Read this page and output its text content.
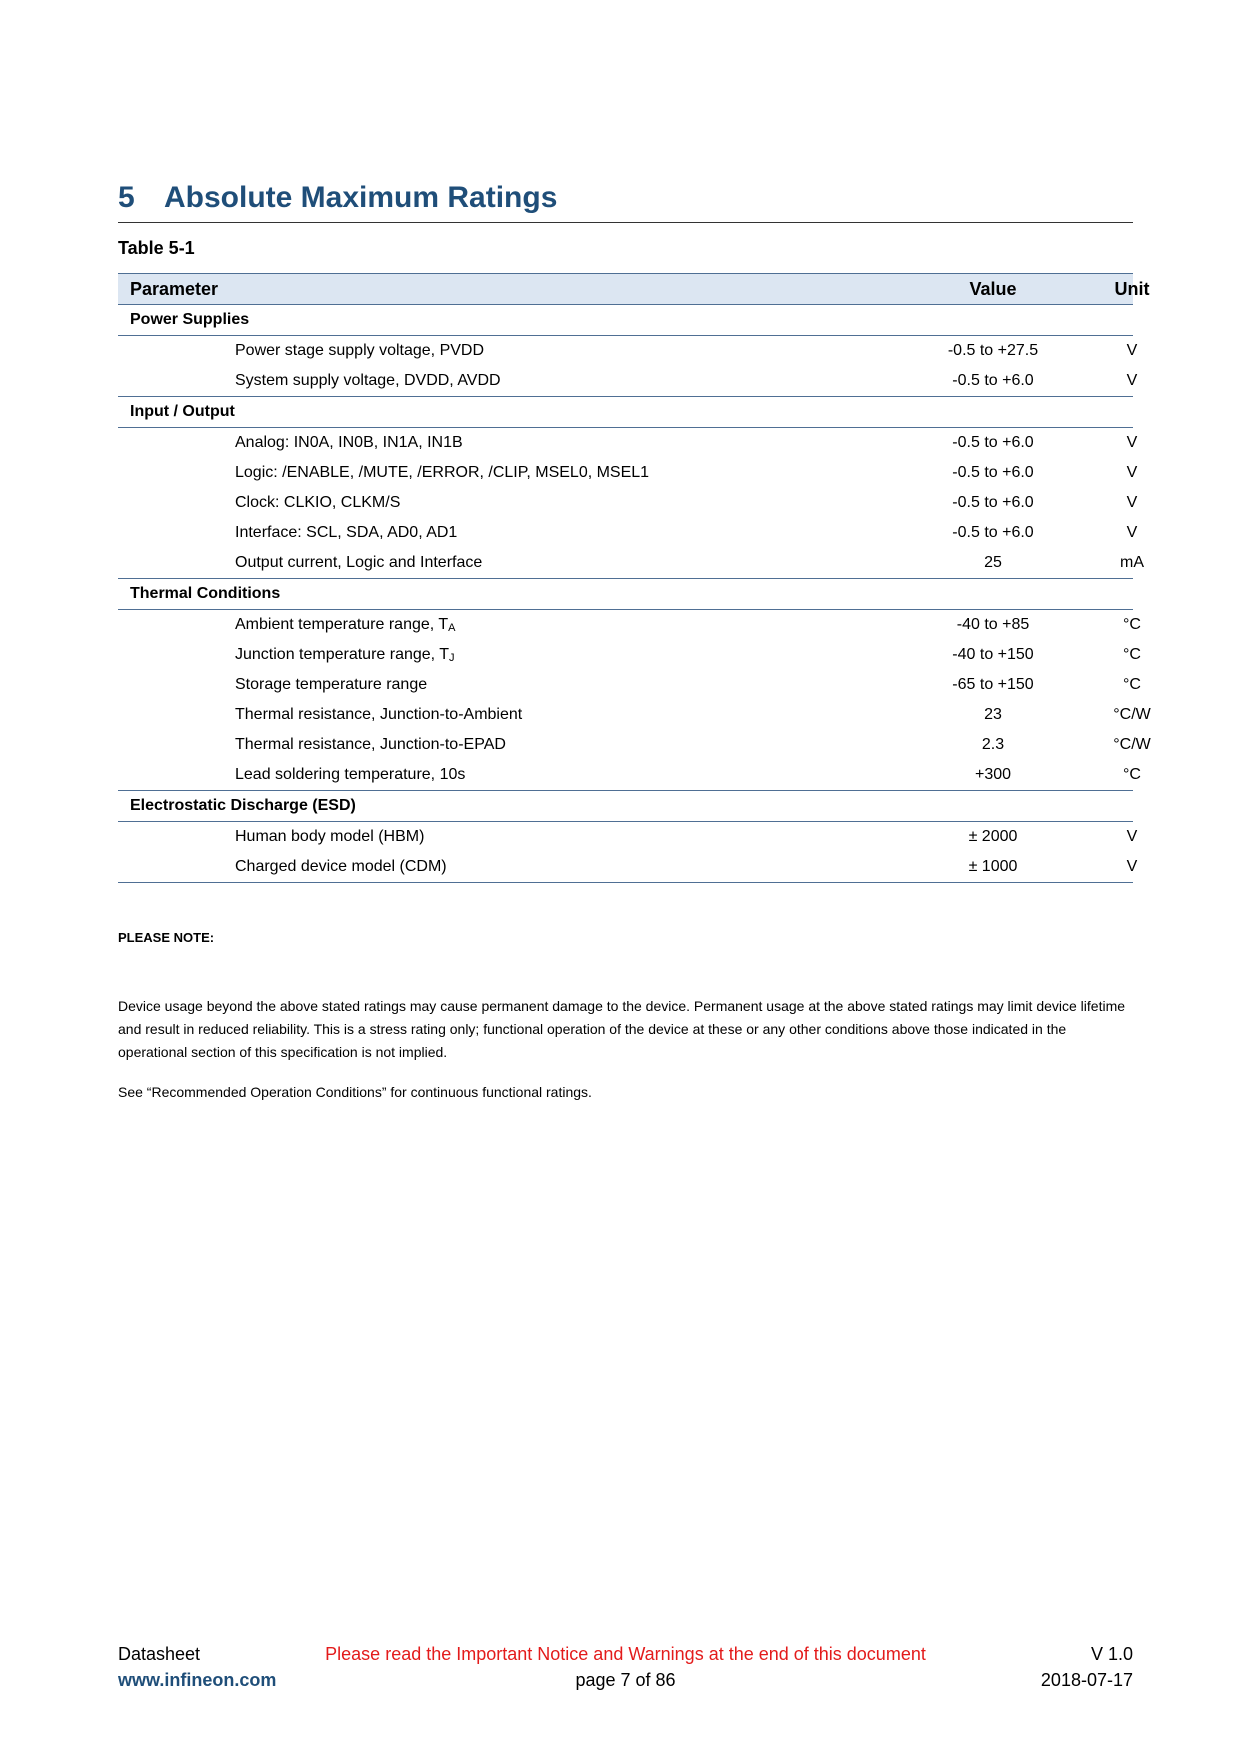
5 Absolute Maximum Ratings
Table 5-1
Parameter	Value	Unit
Power Supplies
Power stage supply voltage, PVDD	-0.5 to +27.5	V
System supply voltage, DVDD, AVDD	-0.5 to +6.0	V
Input / Output
Analog: IN0A, IN0B, IN1A, IN1B	-0.5 to +6.0	V
Logic: /ENABLE, /MUTE, /ERROR, /CLIP, MSEL0, MSEL1	-0.5 to +6.0	V
Clock: CLKIO, CLKM/S	-0.5 to +6.0	V
Interface: SCL, SDA, AD0, AD1	-0.5 to +6.0	V
Output current, Logic and Interface	25	mA
Thermal Conditions
Ambient temperature range, $T_A$	-40 to +85	°C
Junction temperature range, $T_J$	-40 to +150	°C
Storage temperature range	-65 to +150	°C
Thermal resistance, Junction-to-Ambient	23	°C/W
Thermal resistance, Junction-to-EPAD	2.3	°C/W
Lead soldering temperature, 10s	+300	°C
Electrostatic Discharge (ESD)
Human body model (HBM)	± 2000	V
Charged device model (CDM)	± 1000	V
PLEASE NOTE:

Device usage beyond the above stated ratings may cause permanent damage to the device. Permanent usage at the above stated ratings may limit device lifetime and result in reduced reliability. This is a stress rating only; functional operation of the device at these or any other conditions above those indicated in the operational section of this specification is not implied.

See “Recommended Operation Conditions” for continuous functional ratings.

Datasheet
www.infineon.com
Please read the Important Notice and Warnings at the end of this document
page 7 of 86
V 1.0
2018-07-17
